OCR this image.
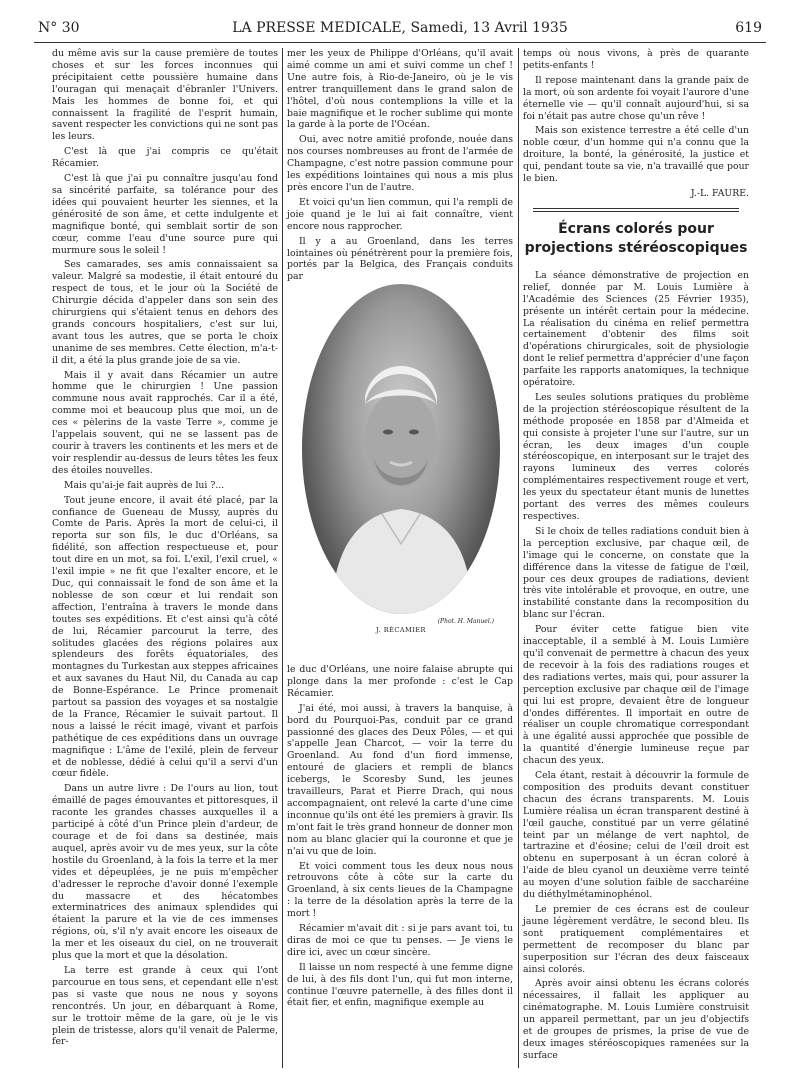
N° 30	LA PRESSE MEDICALE, Samedi, 13 Avril 1935	619

du même avis sur la cause première de toutes choses et sur les forces inconnues qui précipitaient cette poussière humaine dans l'ouragan qui menaçait d'ébranler l'Univers. Mais les hommes de bonne foi, et qui connaissent la fragilité de l'esprit humain, savent respecter les convictions qui ne sont pas les leurs.

C'est là que j'ai compris ce qu'était Récamier.

C'est là que j'ai pu connaître jusqu'au fond sa sincérité parfaite, sa tolérance pour des idées qui pouvaient heurter les siennes, et la générosité de son âme, et cette indulgente et magnifique bonté, qui semblait sortir de son cœur, comme l'eau d'une source pure qui murmure sous le soleil !

Ses camarades, ses amis connaissaient sa valeur. Malgré sa modestie, il était entouré du respect de tous, et le jour où la Société de Chirurgie décida d'appeler dans son sein des chirurgiens qui s'étaient tenus en dehors des grands concours hospitaliers, c'est sur lui, avant tous les autres, que se porta le choix unanime de ses membres. Cette élection, m'a-t-il dit, a été la plus grande joie de sa vie.

Mais il y avait dans Récamier un autre homme que le chirurgien ! Une passion commune nous avait rapprochés. Car il a été, comme moi et beaucoup plus que moi, un de ces « pèlerins de la vaste Terre », comme je l'appelais souvent, qui ne se lassent pas de courir à travers les continents et les mers et de voir resplendir au-dessus de leurs têtes les feux des étoiles nouvelles.

Mais qu'ai-je fait auprès de lui ?...

Tout jeune encore, il avait été placé, par la confiance de Gueneau de Mussy, auprès du Comte de Paris. Après la mort de celui-ci, il reporta sur son fils, le duc d'Orléans, sa fidélité, son affection respectueuse et, pour tout dire en un mot, sa foi. L'exil, l'exil cruel, « l'exil impie » ne fit que l'exalter encore, et le Duc, qui connaissait le fond de son âme et la noblesse de son cœur et lui rendait son affection, l'entraîna à travers le monde dans toutes ses expéditions. Et c'est ainsi qu'à côté de lui, Récamier parcourut la terre, des solitudes glacées des régions polaires aux splendeurs des forêts équatoriales, des montagnes du Turkestan aux steppes africaines et aux savanes du Haut Nil, du Canada au cap de Bonne-Espérance. Le Prince promenait partout sa passion des voyages et sa nostalgie de la France, Récamier le suivait partout. Il nous a laissé le récit imagé, vivant et parfois pathétique de ces expéditions dans un ouvrage magnifique : L'âme de l'exilé, plein de ferveur et de noblesse, dédié à celui qu'il a servi d'un cœur fidèle.

Dans un autre livre : De l'ours au lion, tout émaillé de pages émouvantes et pittoresques, il raconte les grandes chasses auxquelles il a participé à côté d'un Prince plein d'ardeur, de courage et de foi dans sa destinée, mais auquel, après avoir vu de mes yeux, sur la côte hostile du Groenland, à la fois la terre et la mer vides et dépeuplées, je ne puis m'empêcher d'adresser le reproche d'avoir donné l'exemple du massacre et des hécatombes exterminatrices des animaux splendides qui étaient la parure et la vie de ces immenses régions, où, s'il n'y avait encore les oiseaux de la mer et les oiseaux du ciel, on ne trouverait plus que la mort et que la désolation.

La terre est grande à ceux qui l'ont parcourue en tous sens, et cependant elle n'est pas si vaste que nous ne nous y soyons rencontrés. Un jour, en débarquant à Rome, sur le trottoir même de la gare, où je le vis plein de tristesse, alors qu'il venait de Palerme, fer-

mer les yeux de Philippe d'Orléans, qu'il avait aimé comme un ami et suivi comme un chef ! Une autre fois, à Rio-de-Janeiro, où je le vis entrer tranquillement dans le grand salon de l'hôtel, d'où nous contemplions la ville et la baie magnifique et le rocher sublime qui monte la garde à la porte de l'Océan.

Oui, avec notre amitié profonde, nouée dans nos courses nombreuses au front de l'armée de Champagne, c'est notre passion commune pour les expéditions lointaines qui nous a mis plus près encore l'un de l'autre.

Et voici qu'un lien commun, qui l'a rempli de joie quand je le lui ai fait connaître, vient encore nous rapprocher.

Il y a au Groenland, dans les terres lointaines où pénétrèrent pour la première fois, portés par la Belgica, des Français conduits par

(Phot. H. Manuel.)
J. RÉCAMIER

le duc d'Orléans, une noire falaise abrupte qui plonge dans la mer profonde : c'est le Cap Récamier.

J'ai été, moi aussi, à travers la banquise, à bord du Pourquoi-Pas, conduit par ce grand passionné des glaces des Deux Pôles, — et qui s'appelle Jean Charcot, — voir la terre du Groenland. Au fond d'un fiord immense, entouré de glaciers et rempli de blancs icebergs, le Scoresby Sund, les jeunes travailleurs, Parat et Pierre Drach, qui nous accompagnaient, ont relevé la carte d'une cime inconnue qu'ils ont été les premiers à gravir. Ils m'ont fait le très grand honneur de donner mon nom au blanc glacier qui la couronne et que je n'ai vu que de loin.

Et voici comment tous les deux nous nous retrouvons côte à côte sur la carte du Groenland, à six cents lieues de la Champagne : la terre de la désolation après la terre de la mort !

Récamier m'avait dit : si je pars avant toi, tu diras de moi ce que tu penses. — Je viens le dire ici, avec un cœur sincère.

Il laisse un nom respecté à une femme digne de lui, à des fils dont l'un, qui fut mon interne, continue l'œuvre paternelle, à des filles dont il était fier, et enfin, magnifique exemple au

temps où nous vivons, à près de quarante petits-enfants !

Il repose maintenant dans la grande paix de la mort, où son ardente foi voyait l'aurore d'une éternelle vie — qu'il connaît aujourd'hui, si sa foi n'était pas autre chose qu'un rêve !

Mais son existence terrestre a été celle d'un noble cœur, d'un homme qui n'a connu que la droiture, la bonté, la générosité, la justice et qui, pendant toute sa vie, n'a travaillé que pour le bien.

J.-L. FAURE.

Écrans colorés pour projections stéréoscopiques

La séance démonstrative de projection en relief, donnée par M. Louis Lumière à l'Académie des Sciences (25 Février 1935), présente un intérêt certain pour la médecine. La réalisation du cinéma en relief permettra certainement d'obtenir des films soit d'opérations chirurgicales, soit de physiologie dont le relief permettra d'apprécier d'une façon parfaite les rapports anatomiques, la technique opératoire.

Les seules solutions pratiques du problème de la projection stéréoscopique résultent de la méthode proposée en 1858 par d'Almeida et qui consiste à projeter l'une sur l'autre, sur un écran, les deux images d'un couple stéréoscopique, en interposant sur le trajet des rayons lumineux des verres colorés complémentaires respectivement rouge et vert, les yeux du spectateur étant munis de lunettes portant des verres des mêmes couleurs respectives.

Si le choix de telles radiations conduit bien à la perception exclusive, par chaque œil, de l'image qui le concerne, on constate que la différence dans la vitesse de fatigue de l'œil, pour ces deux groupes de radiations, devient très vite intolérable et provoque, en outre, une instabilité constante dans la recomposition du blanc sur l'écran.

Pour éviter cette fatigue bien vite inacceptable, il a semblé à M. Louis Lumière qu'il convenait de permettre à chacun des yeux de recevoir à la fois des radiations rouges et des radiations vertes, mais qui, pour assurer la perception exclusive par chaque œil de l'image qui lui est propre, devaient être de longueur d'ondes différentes. Il importait en outre de réaliser un couple chromatique correspondant à une égalité aussi approchée que possible de la quantité d'énergie lumineuse reçue par chacun des yeux.

Cela étant, restait à découvrir la formule de composition des produits devant constituer chacun des écrans transparents. M. Louis Lumière réalisa un écran transparent destiné à l'œil gauche, constitué par un verre gélatiné teint par un mélange de vert naphtol, de tartrazine et d'éosine; celui de l'œil droit est obtenu en superposant à un écran coloré à l'aide de bleu cyanol un deuxième verre teinté au moyen d'une solution faible de saccharéine du diéthylmétaminophénol.

Le premier de ces écrans est de couleur jaune légèrement verdâtre, le second bleu. Ils sont pratiquement complémentaires et permettent de recomposer du blanc par superposition sur l'écran des deux faisceaux ainsi colorés.

Après avoir ainsi obtenu les écrans colorés nécessaires, il fallait les appliquer au cinématographe. M. Louis Lumière construisit un appareil permettant, par un jeu d'objectifs et de groupes de prismes, la prise de vue de deux images stéréoscopiques ramenées sur la surface
